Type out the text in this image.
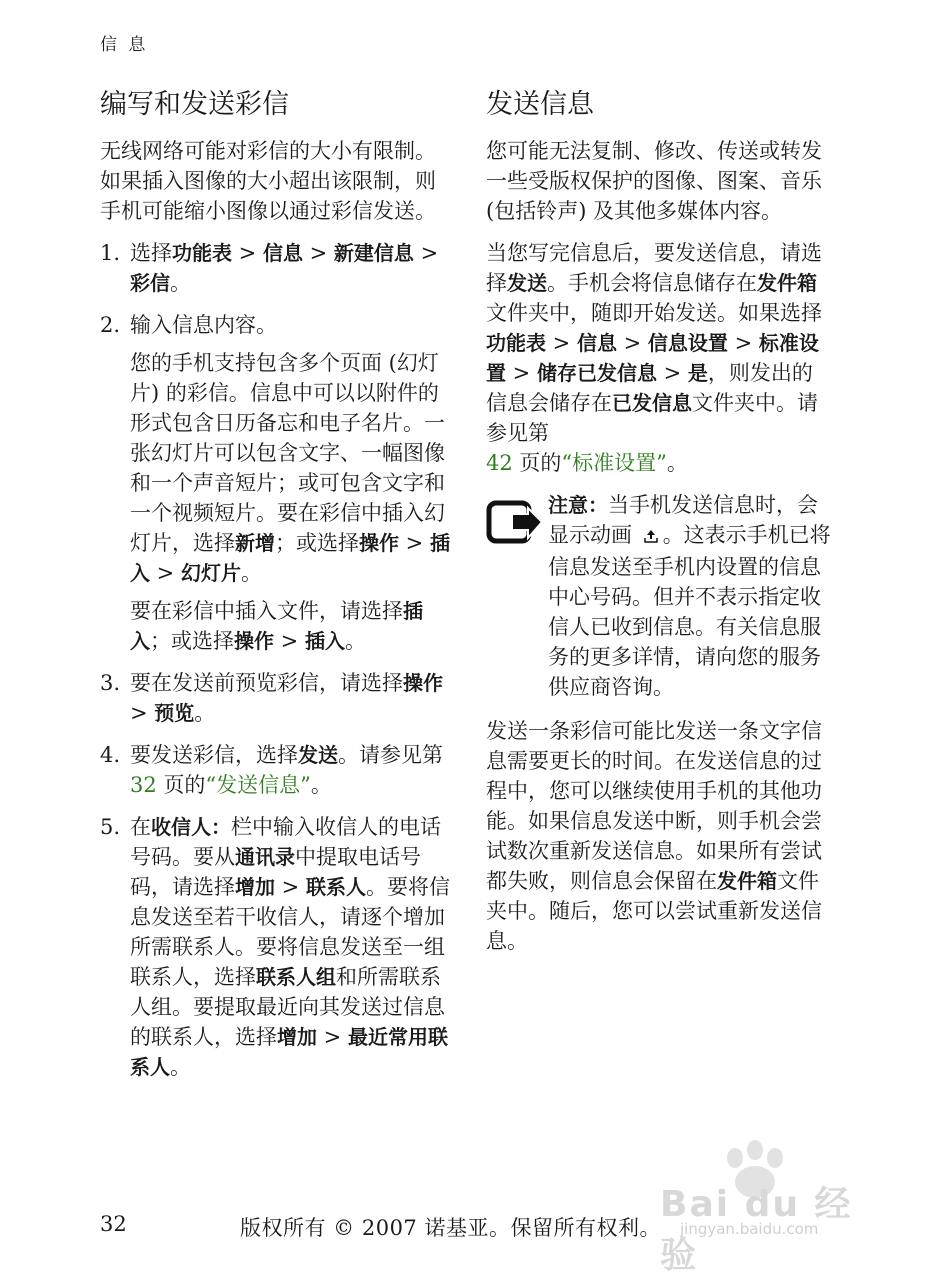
信 息
编写和发送彩信

无线网络可能对彩信的大小有限制。如果插入图像的大小超出该限制，则手机可能缩小图像以通过彩信发送。

1. 选择功能表 > 信息 > 新建信息 > 彩信。
2. 输入信息内容。

您的手机支持包含多个页面 (幻灯片) 的彩信。信息中可以以附件的形式包含日历备忘和电子名片。一张幻灯片可以包含文字、一幅图像和一个声音短片；或可包含文字和一个视频短片。要在彩信中插入幻灯片，选择新增；或选择操作 > 插入 > 幻灯片。

要在彩信中插入文件，请选择插入；或选择操作 > 插入。

3. 要在发送前预览彩信，请选择操作 > 预览。
4. 要发送彩信，选择发送。请参见第 32 页的“发送信息”。
5. 在收信人：栏中输入收信人的电话号码。要从通讯录中提取电话号码，请选择增加 > 联系人。要将信息发送至若干收信人，请逐个增加所需联系人。要将信息发送至一组联系人，选择联系人组和所需联系人组。要提取最近向其发送过信息的联系人，选择增加 > 最近常用联系人。
发送信息

您可能无法复制、修改、传送或转发一些受版权保护的图像、图案、音乐 (包括铃声) 及其他多媒体内容。

当您写完信息后，要发送信息，请选择发送。手机会将信息储存在发件箱文件夹中，随即开始发送。如果选择功能表 > 信息 > 信息设置 > 标准设置 > 储存已发信息 > 是，则发出的信息会储存在已发信息文件夹中。请参见第
42 页的“标准设置”。

注意：当手机发送信息时，会显示动画 。这表示手机已将信息发送至手机内设置的信息中心号码。但并不表示指定收信人已收到信息。有关信息服务的更多详情，请向您的服务供应商咨询。

发送一条彩信可能比发送一条文字信息需要更长的时间。在发送信息的过程中，您可以继续使用手机的其他功能。如果信息发送中断，则手机会尝试数次重新发送信息。如果所有尝试都失败，则信息会保留在发件箱文件夹中。随后，您可以尝试重新发送信息。

Bai du 经验
jingyan.baidu.com
32	版权所有 © 2007 诺基亚。保留所有权利。
